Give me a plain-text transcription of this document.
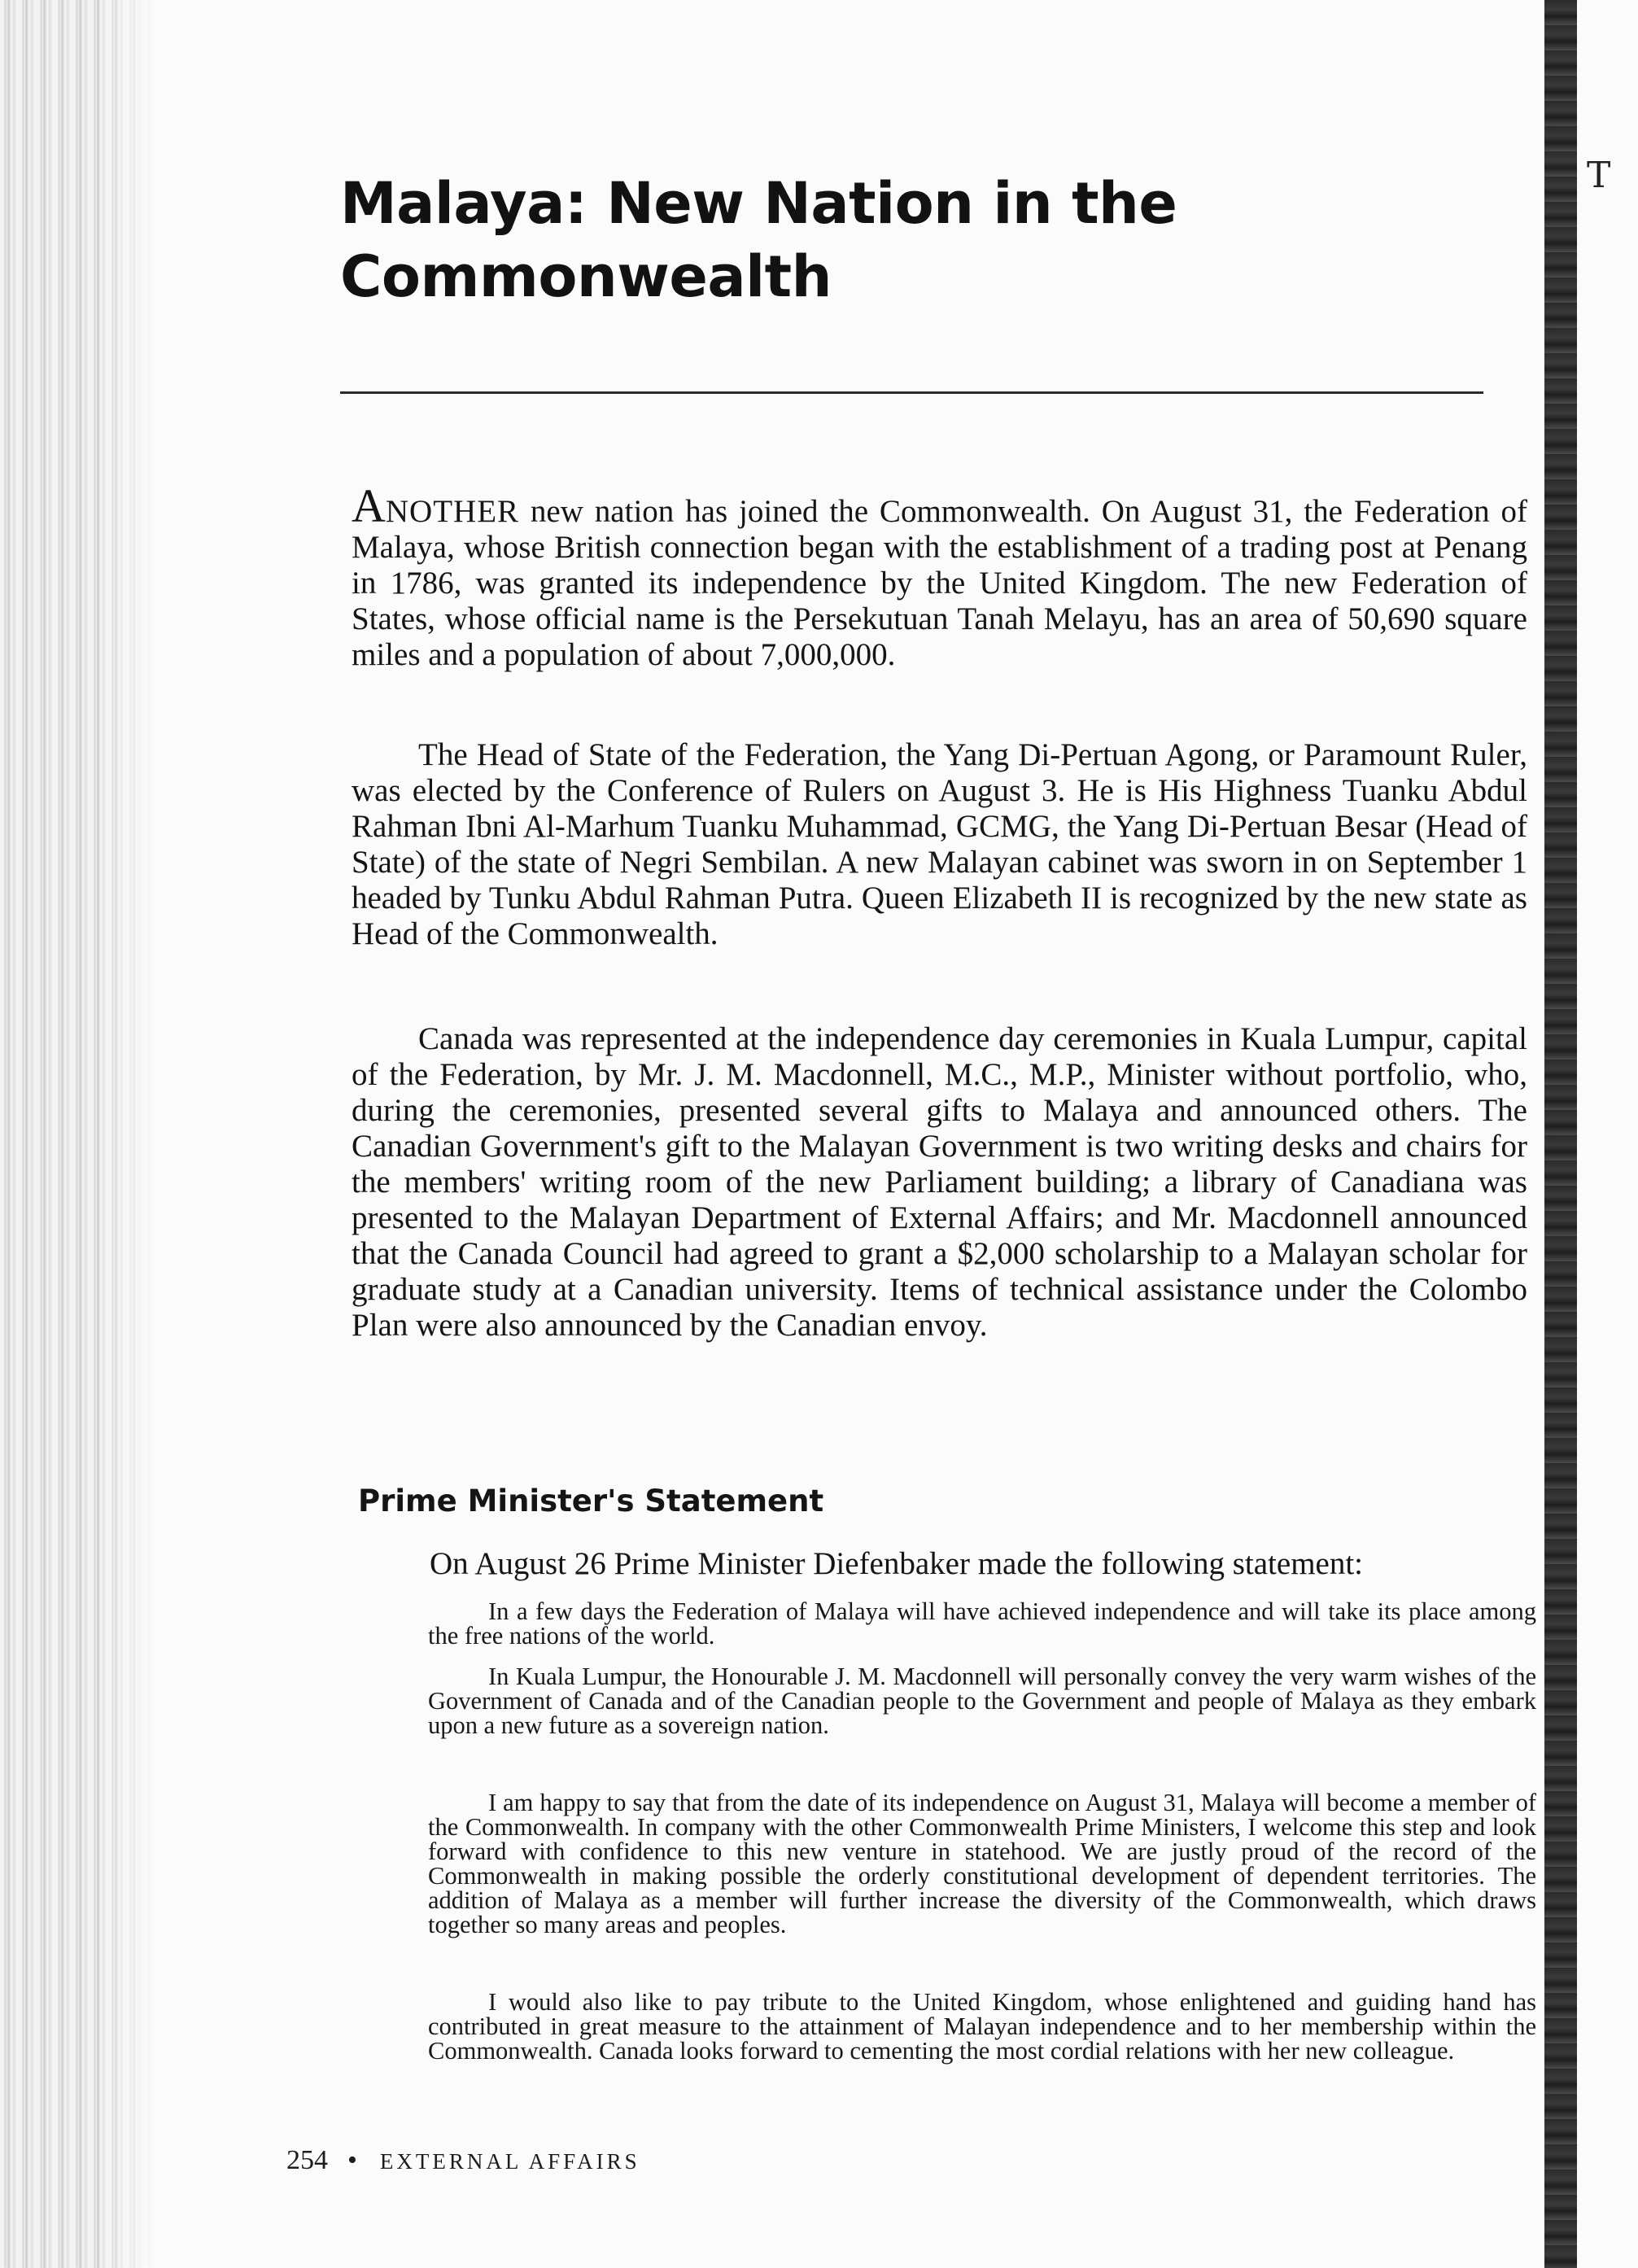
T
Malaya: New Nation in the
Commonwealth

ANOTHER new nation has joined the Commonwealth. On August 31, the Federation of Malaya, whose British connection began with the establishment of a trading post at Penang in 1786, was granted its independence by the United Kingdom. The new Federation of States, whose official name is the Persekutuan Tanah Melayu, has an area of 50,690 square miles and a population of about 7,000,000.

The Head of State of the Federation, the Yang Di-Pertuan Agong, or Paramount Ruler, was elected by the Conference of Rulers on August 3. He is His Highness Tuanku Abdul Rahman Ibni Al-Marhum Tuanku Muhammad, GCMG, the Yang Di-Pertuan Besar (Head of State) of the state of Negri Sembilan. A new Malayan cabinet was sworn in on September 1 headed by Tunku Abdul Rahman Putra. Queen Elizabeth II is recognized by the new state as Head of the Commonwealth.

Canada was represented at the independence day ceremonies in Kuala Lumpur, capital of the Federation, by Mr. J. M. Macdonnell, M.C., M.P., Minister without portfolio, who, during the ceremonies, presented several gifts to Malaya and announced others. The Canadian Government's gift to the Malayan Government is two writing desks and chairs for the members' writing room of the new Parliament building; a library of Canadiana was presented to the Malayan Department of External Affairs; and Mr. Macdonnell announced that the Canada Council had agreed to grant a $2,000 scholarship to a Malayan scholar for graduate study at a Canadian university. Items of technical assistance under the Colombo Plan were also announced by the Canadian envoy.

Prime Minister's Statement

On August 26 Prime Minister Diefenbaker made the following statement:

In a few days the Federation of Malaya will have achieved independence and will take its place among the free nations of the world.

In Kuala Lumpur, the Honourable J. M. Macdonnell will personally convey the very warm wishes of the Government of Canada and of the Canadian people to the Government and people of Malaya as they embark upon a new future as a sovereign nation.

I am happy to say that from the date of its independence on August 31, Malaya will become a member of the Commonwealth. In company with the other Commonwealth Prime Ministers, I welcome this step and look forward with confidence to this new venture in statehood. We are justly proud of the record of the Commonwealth in making possible the orderly constitutional development of dependent territories. The addition of Malaya as a member will further increase the diversity of the Commonwealth, which draws together so many areas and peoples.

I would also like to pay tribute to the United Kingdom, whose enlightened and guiding hand has contributed in great measure to the attainment of Malayan independence and to her membership within the Commonwealth. Canada looks forward to cementing the most cordial relations with her new colleague.

254 • EXTERNAL AFFAIRS
